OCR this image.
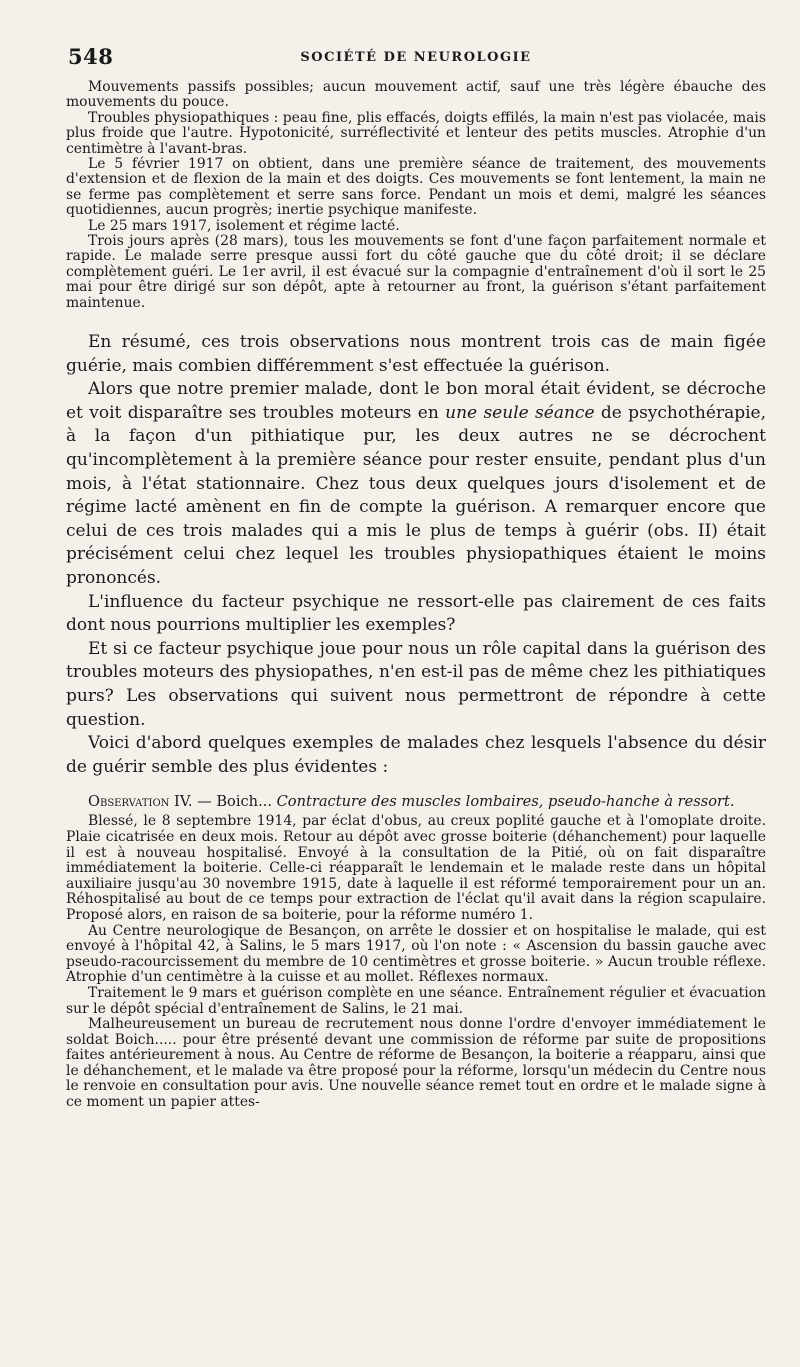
548	SOCIÉTÉ DE NEUROLOGIE

Mouvements passifs possibles; aucun mouvement actif, sauf une très légère ébauche des mouvements du pouce.

Troubles physiopathiques : peau fine, plis effacés, doigts effilés, la main n'est pas violacée, mais plus froide que l'autre. Hypotonicité, surréflectivité et lenteur des petits muscles. Atrophie d'un centimètre à l'avant-bras.

Le 5 février 1917 on obtient, dans une première séance de traitement, des mouvements d'extension et de flexion de la main et des doigts. Ces mouvements se font lentement, la main ne se ferme pas complètement et serre sans force. Pendant un mois et demi, malgré les séances quotidiennes, aucun progrès; inertie psychique manifeste.

Le 25 mars 1917, isolement et régime lacté.

Trois jours après (28 mars), tous les mouvements se font d'une façon parfaitement normale et rapide. Le malade serre presque aussi fort du côté gauche que du côté droit; il se déclare complètement guéri. Le 1er avril, il est évacué sur la compagnie d'entraînement d'où il sort le 25 mai pour être dirigé sur son dépôt, apte à retourner au front, la guérison s'étant parfaitement maintenue.

En résumé, ces trois observations nous montrent trois cas de main figée guérie, mais combien différemment s'est effectuée la guérison.

Alors que notre premier malade, dont le bon moral était évident, se décroche et voit disparaître ses troubles moteurs en une seule séance de psychothérapie, à la façon d'un pithiatique pur, les deux autres ne se décrochent qu'incomplètement à la première séance pour rester ensuite, pendant plus d'un mois, à l'état stationnaire. Chez tous deux quelques jours d'isolement et de régime lacté amènent en fin de compte la guérison. A remarquer encore que celui de ces trois malades qui a mis le plus de temps à guérir (obs. II) était précisément celui chez lequel les troubles physiopathiques étaient le moins prononcés.

L'influence du facteur psychique ne ressort-elle pas clairement de ces faits dont nous pourrions multiplier les exemples?

Et si ce facteur psychique joue pour nous un rôle capital dans la guérison des troubles moteurs des physiopathes, n'en est-il pas de même chez les pithiatiques purs? Les observations qui suivent nous permettront de répondre à cette question.

Voici d'abord quelques exemples de malades chez lesquels l'absence du désir de guérir semble des plus évidentes :

Observation IV. — Boich... Contracture des muscles lombaires, pseudo-hanche à ressort.

Blessé, le 8 septembre 1914, par éclat d'obus, au creux poplité gauche et à l'omoplate droite. Plaie cicatrisée en deux mois. Retour au dépôt avec grosse boiterie (déhanchement) pour laquelle il est à nouveau hospitalisé. Envoyé à la consultation de la Pitié, où on fait disparaître immédiatement la boiterie. Celle-ci réapparaît le lendemain et le malade reste dans un hôpital auxiliaire jusqu'au 30 novembre 1915, date à laquelle il est réformé temporairement pour un an. Réhospitalisé au bout de ce temps pour extraction de l'éclat qu'il avait dans la région scapulaire. Proposé alors, en raison de sa boiterie, pour la réforme numéro 1.

Au Centre neurologique de Besançon, on arrête le dossier et on hospitalise le malade, qui est envoyé à l'hôpital 42, à Salins, le 5 mars 1917, où l'on note : « Ascension du bassin gauche avec pseudo-racourcissement du membre de 10 centimètres et grosse boiterie. » Aucun trouble réflexe. Atrophie d'un centimètre à la cuisse et au mollet. Réflexes normaux.

Traitement le 9 mars et guérison complète en une séance. Entraînement régulier et évacuation sur le dépôt spécial d'entraînement de Salins, le 21 mai.

Malheureusement un bureau de recrutement nous donne l'ordre d'envoyer immédiatement le soldat Boich..... pour être présenté devant une commission de réforme par suite de propositions faites antérieurement à nous. Au Centre de réforme de Besançon, la boiterie a réapparu, ainsi que le déhanchement, et le malade va être proposé pour la réforme, lorsqu'un médecin du Centre nous le renvoie en consultation pour avis. Une nouvelle séance remet tout en ordre et le malade signe à ce moment un papier attes-
